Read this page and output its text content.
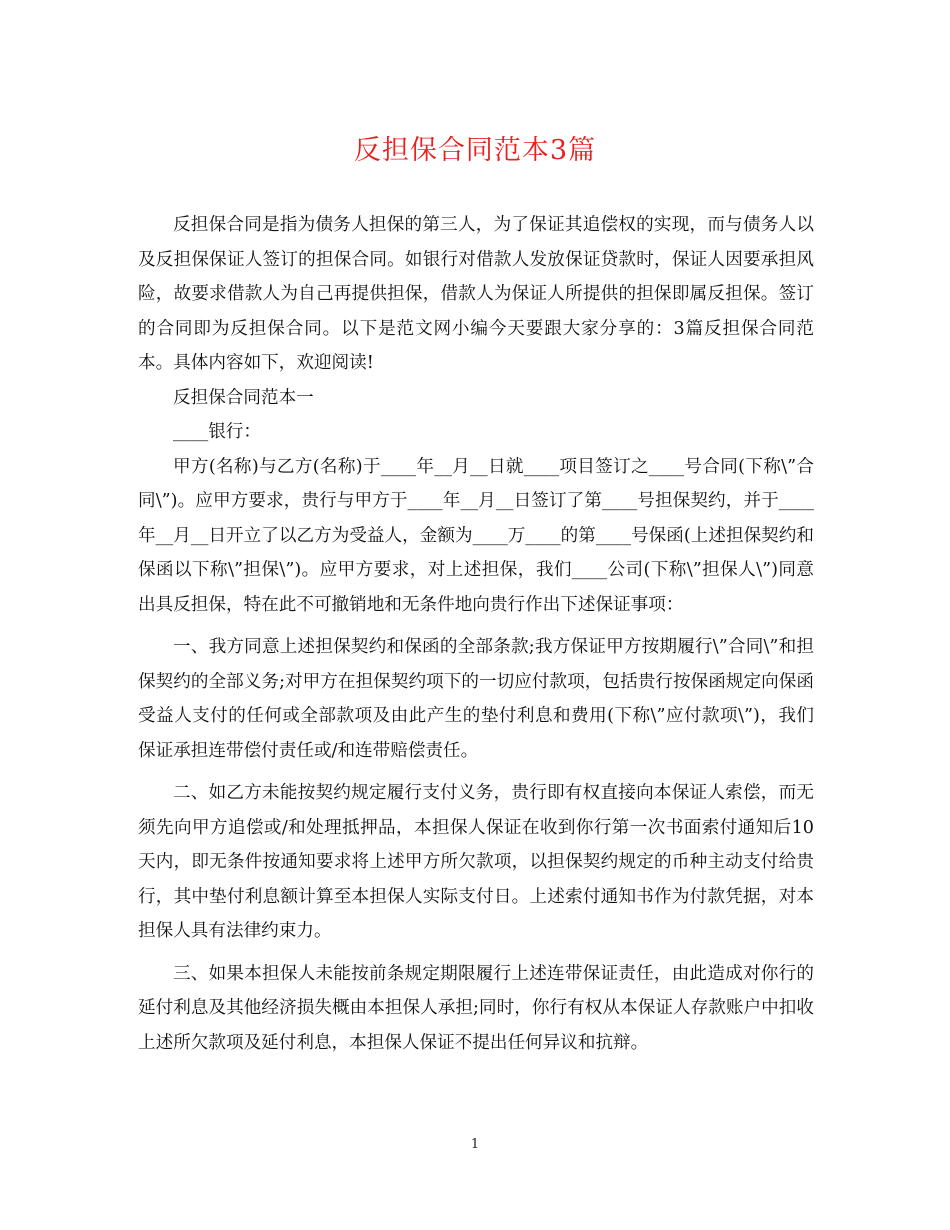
反担保合同范本3篇

反担保合同是指为债务人担保的第三人，为了保证其追偿权的实现，而与债务人以及反担保保证人签订的担保合同。如银行对借款人发放保证贷款时，保证人因要承担风险，故要求借款人为自己再提供担保，借款人为保证人所提供的担保即属反担保。签订的合同即为反担保合同。以下是范文网小编今天要跟大家分享的：3篇反担保合同范本。具体内容如下，欢迎阅读!

反担保合同范本一

____银行：

甲方(名称)与乙方(名称)于____年__月__日就____项目签订之____号合同(下称\”合同\”)。应甲方要求，贵行与甲方于____年__月__日签订了第____号担保契约，并于____年__月__日开立了以乙方为受益人，金额为____万____的第____号保函(上述担保契约和保函以下称\”担保\”)。应甲方要求，对上述担保，我们____公司(下称\”担保人\”)同意出具反担保，特在此不可撤销地和无条件地向贵行作出下述保证事项：

一、我方同意上述担保契约和保函的全部条款;我方保证甲方按期履行\”合同\”和担保契约的全部义务;对甲方在担保契约项下的一切应付款项，包括贵行按保函规定向保函受益人支付的任何或全部款项及由此产生的垫付利息和费用(下称\”应付款项\”)，我们保证承担连带偿付责任或/和连带赔偿责任。

二、如乙方未能按契约规定履行支付义务，贵行即有权直接向本保证人索偿，而无须先向甲方追偿或/和处理抵押品，本担保人保证在收到你行第一次书面索付通知后10天内，即无条件按通知要求将上述甲方所欠款项，以担保契约规定的币种主动支付给贵行，其中垫付利息额计算至本担保人实际支付日。上述索付通知书作为付款凭据，对本担保人具有法律约束力。

三、如果本担保人未能按前条规定期限履行上述连带保证责任，由此造成对你行的延付利息及其他经济损失概由本担保人承担;同时，你行有权从本保证人存款账户中扣收上述所欠款项及延付利息，本担保人保证不提出任何异议和抗辩。

1
